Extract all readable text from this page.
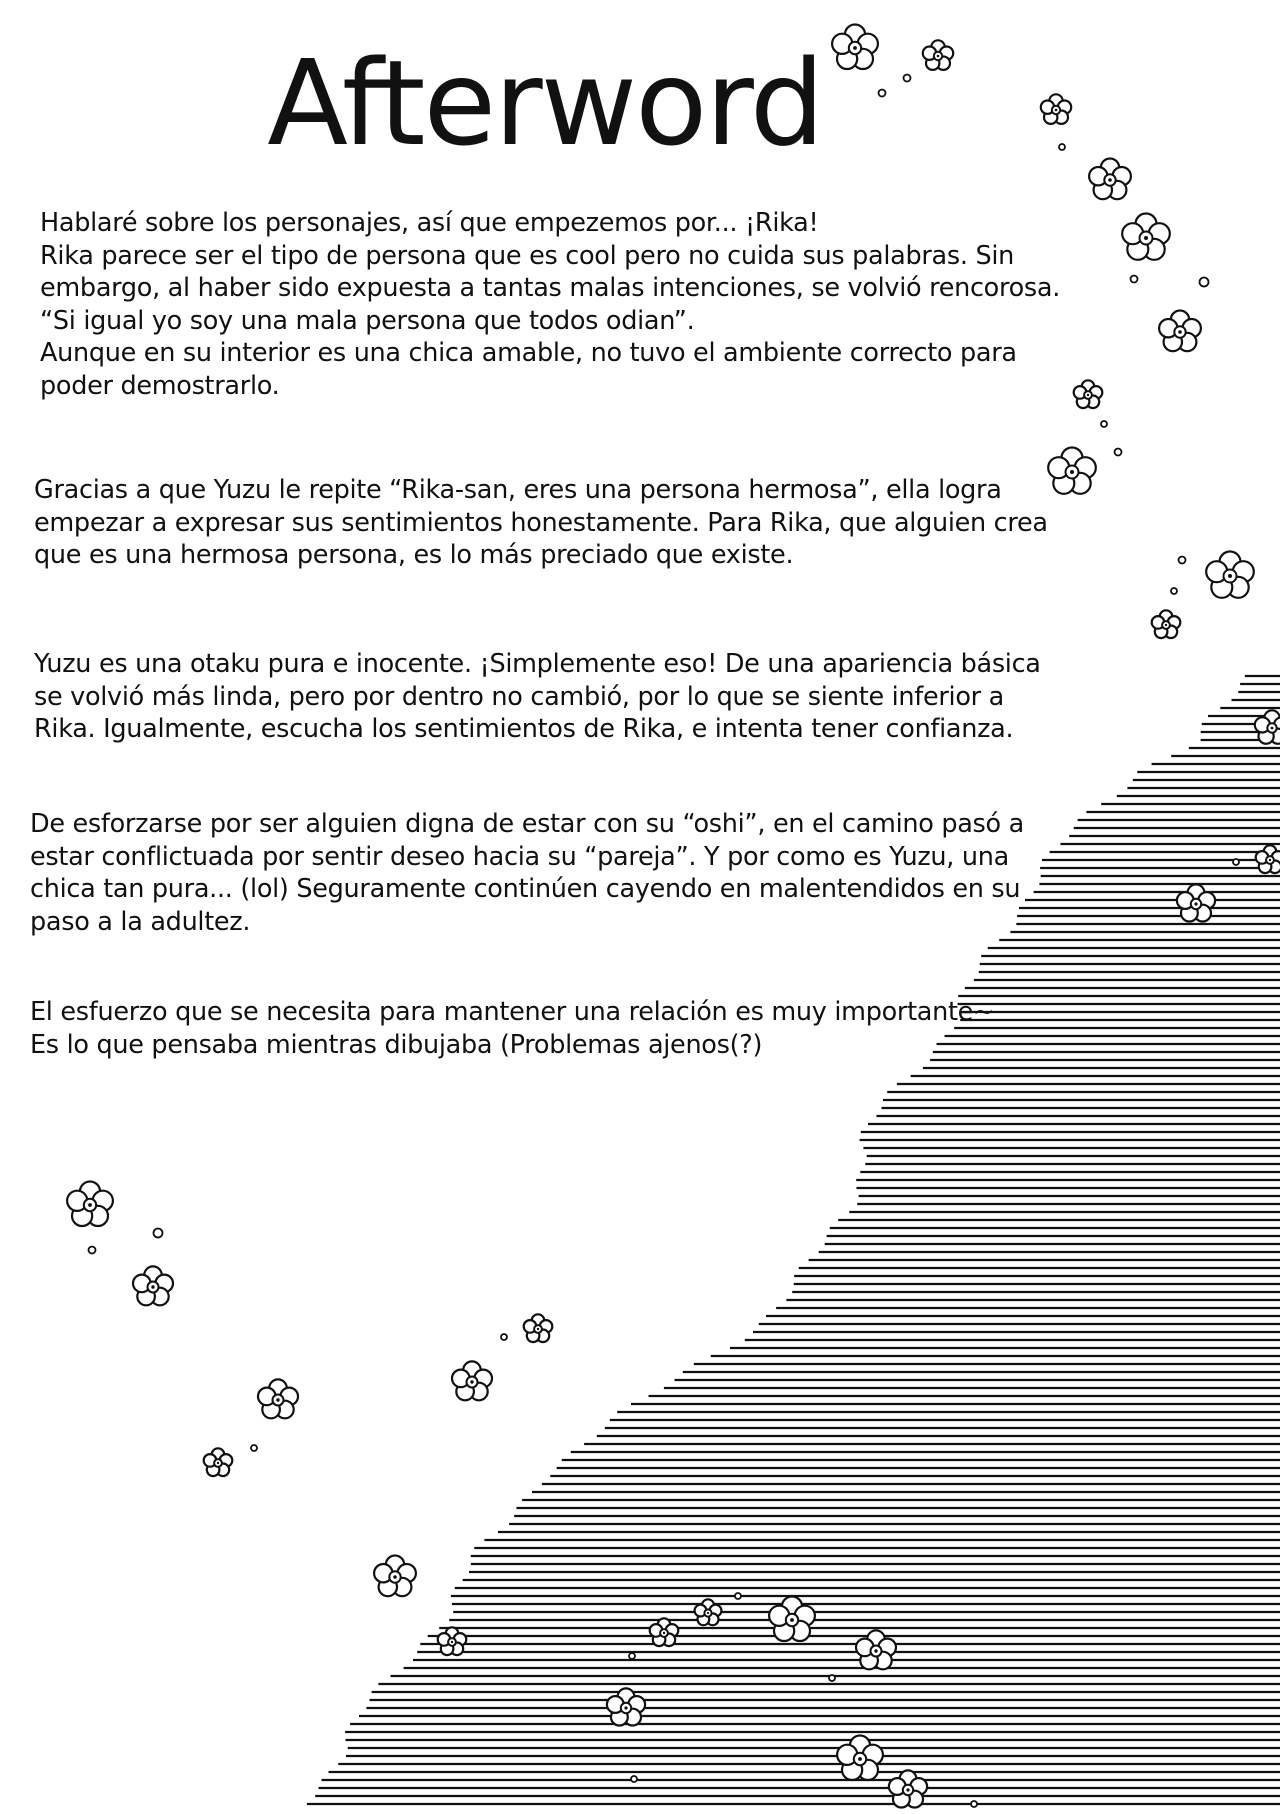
Afterword
Hablaré sobre los personajes, así que empezemos por... ¡Rika!
Rika parece ser el tipo de persona que es cool pero no cuida sus palabras. Sin
embargo, al haber sido expuesta a tantas malas intenciones, se volvió rencorosa.
“Si igual yo soy una mala persona que todos odian”.
Aunque en su interior es una chica amable, no tuvo el ambiente correcto para
poder demostrarlo.
Gracias a que Yuzu le repite “Rika-san, eres una persona hermosa”, ella logra
empezar a expresar sus sentimientos honestamente. Para Rika, que alguien crea
que es una hermosa persona, es lo más preciado que existe.
Yuzu es una otaku pura e inocente. ¡Simplemente eso! De una apariencia básica
se volvió más linda, pero por dentro no cambió, por lo que se siente inferior a
Rika. Igualmente, escucha los sentimientos de Rika, e intenta tener confianza.
De esforzarse por ser alguien digna de estar con su “oshi”, en el camino pasó a
estar conflictuada por sentir deseo hacia su “pareja”. Y por como es Yuzu, una
chica tan pura... (lol) Seguramente continúen cayendo en malentendidos en su
paso a la adultez.
El esfuerzo que se necesita para mantener una relación es muy importante~
Es lo que pensaba mientras dibujaba (Problemas ajenos(?)
